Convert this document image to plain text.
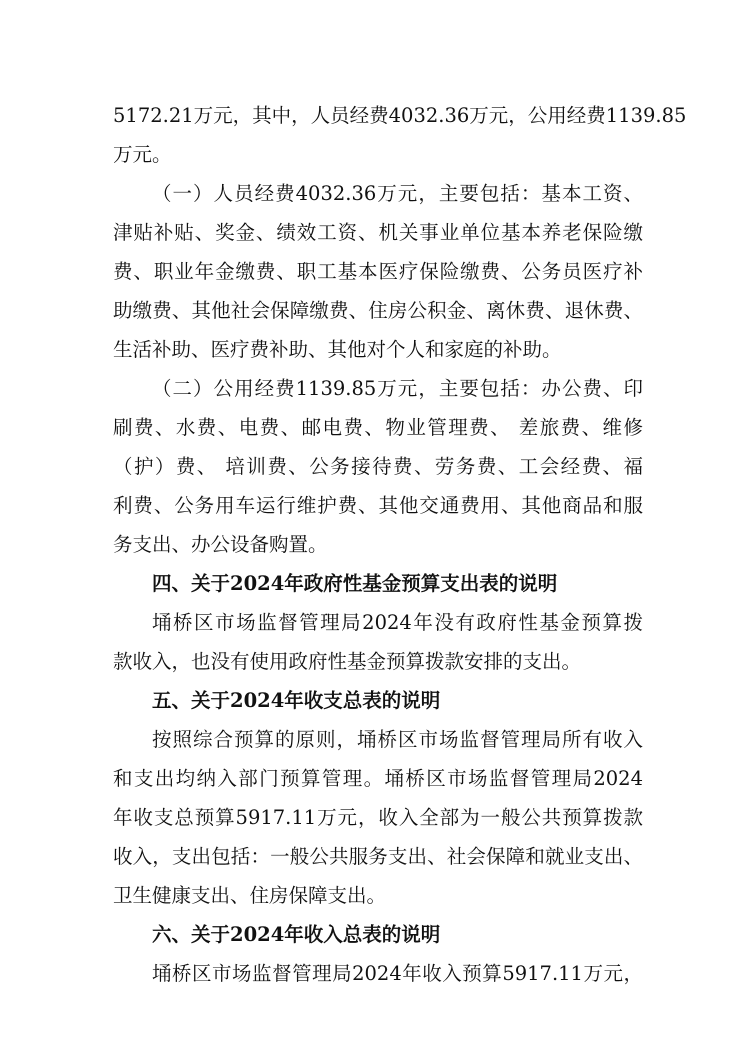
5172.21万元，其中，人员经费4032.36万元，公用经费1139.85
万元。
（一）人员经费4032.36万元，主要包括：基本工资、
津贴补贴、奖金、绩效工资、机关事业单位基本养老保险缴
费、职业年金缴费、职工基本医疗保险缴费、公务员医疗补
助缴费、其他社会保障缴费、住房公积金、离休费、退休费、
生活补助、医疗费补助、其他对个人和家庭的补助。
（二）公用经费1139.85万元，主要包括：办公费、印
刷费、水费、电费、邮电费、物业管理费、 差旅费、维修
（护）费、 培训费、公务接待费、劳务费、工会经费、福
利费、公务用车运行维护费、其他交通费用、其他商品和服
务支出、办公设备购置。
四、关于2024年政府性基金预算支出表的说明
埇桥区市场监督管理局2024年没有政府性基金预算拨
款收入，也没有使用政府性基金预算拨款安排的支出。
五、关于2024年收支总表的说明
按照综合预算的原则，埇桥区市场监督管理局所有收入
和支出均纳入部门预算管理。埇桥区市场监督管理局2024
年收支总预算5917.11万元，收入全部为一般公共预算拨款
收入，支出包括：一般公共服务支出、社会保障和就业支出、
卫生健康支出、住房保障支出。
六、关于2024年收入总表的说明
埇桥区市场监督管理局2024年收入预算5917.11万元，
